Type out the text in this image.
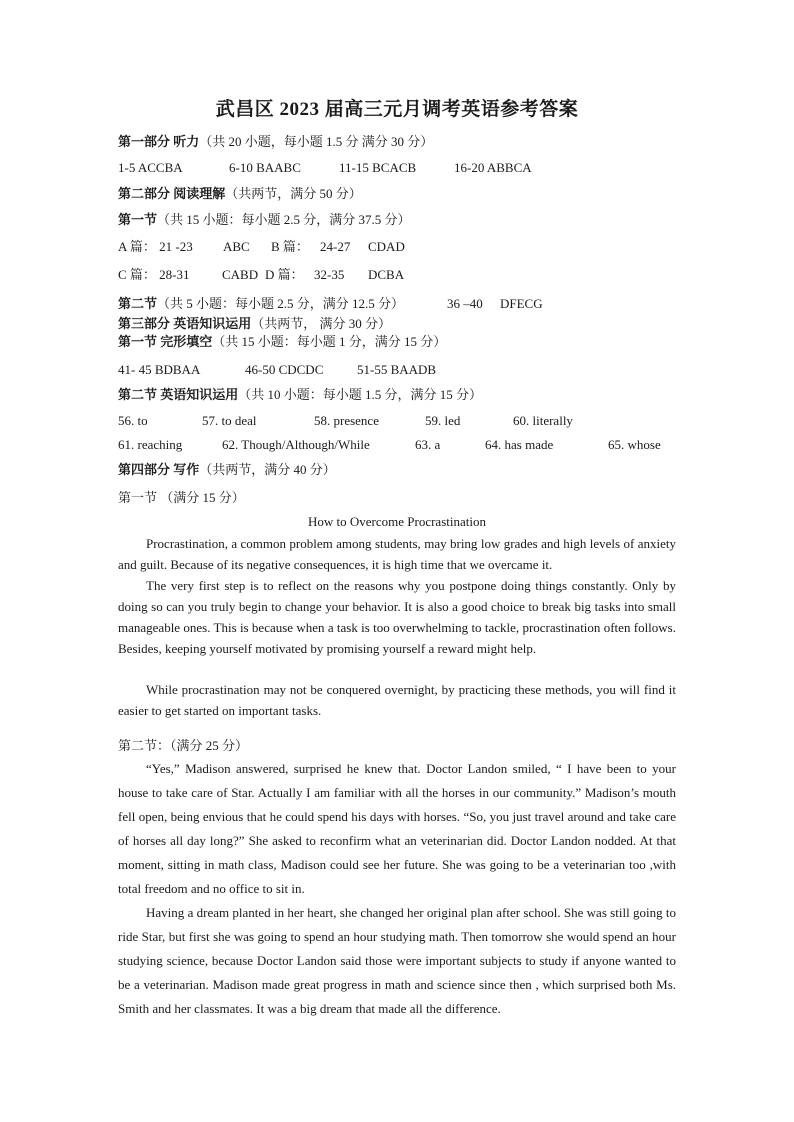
武昌区 2023 届高三元月调考英语参考答案
第一部分 听力（共 20 小题，每小题 1.5 分 满分 30 分）
1-5 ACCBA	6-10 BAABC	11-15 BCACB	16-20 ABBCA
第二部分 阅读理解（共两节，满分 50 分）
第一节（共 15 小题：每小题 2.5 分，满分 37.5 分）
A 篇： 21 -23 ABC B 篇： 24-27 CDAD
C 篇： 28-31 CABD D 篇： 32-35 DCBA
第二节（共 5 小题：每小题 2.5 分，满分 12.5 分）	36 –40 DFECG
第三部分 英语知识运用（共两节， 满分 30 分）
第一节 完形填空（共 15 小题：每小题 1 分，满分 15 分）
41- 45 BDBAA	46-50 CDCDC	51-55 BAADB
第二节 英语知识运用（共 10 小题：每小题 1.5 分，满分 15 分）
56. to	57. to deal	58. presence	59. led	60. literally
61. reaching	62. Though/Although/While	63. a	64. has made	65. whose
第四部分 写作（共两节，满分 40 分）
第一节 （满分 15 分）
How to Overcome Procrastination

Procrastination, a common problem among students, may bring low grades and high levels of anxiety and guilt. Because of its negative consequences, it is high time that we overcame it.

The very first step is to reflect on the reasons why you postpone doing things constantly. Only by doing so can you truly begin to change your behavior. It is also a good choice to break big tasks into small manageable ones. This is because when a task is too overwhelming to tackle, procrastination often follows. Besides, keeping yourself motivated by promising yourself a reward might help.

While procrastination may not be conquered overnight, by practicing these methods, you will find it easier to get started on important tasks.

第二节：（满分 25 分）

“Yes,” Madison answered, surprised he knew that. Doctor Landon smiled, “ I have been to your house to take care of Star. Actually I am familiar with all the horses in our community.” Madison’s mouth fell open, being envious that he could spend his days with horses. “So, you just travel around and take care of horses all day long?” She asked to reconfirm what an veterinarian did. Doctor Landon nodded. At that moment, sitting in math class, Madison could see her future. She was going to be a veterinarian too ,with total freedom and no office to sit in.

Having a dream planted in her heart, she changed her original plan after school. She was still going to ride Star, but first she was going to spend an hour studying math. Then tomorrow she would spend an hour studying science, because Doctor Landon said those were important subjects to study if anyone wanted to be a veterinarian. Madison made great progress in math and science since then , which surprised both Ms. Smith and her classmates. It was a big dream that made all the difference.
